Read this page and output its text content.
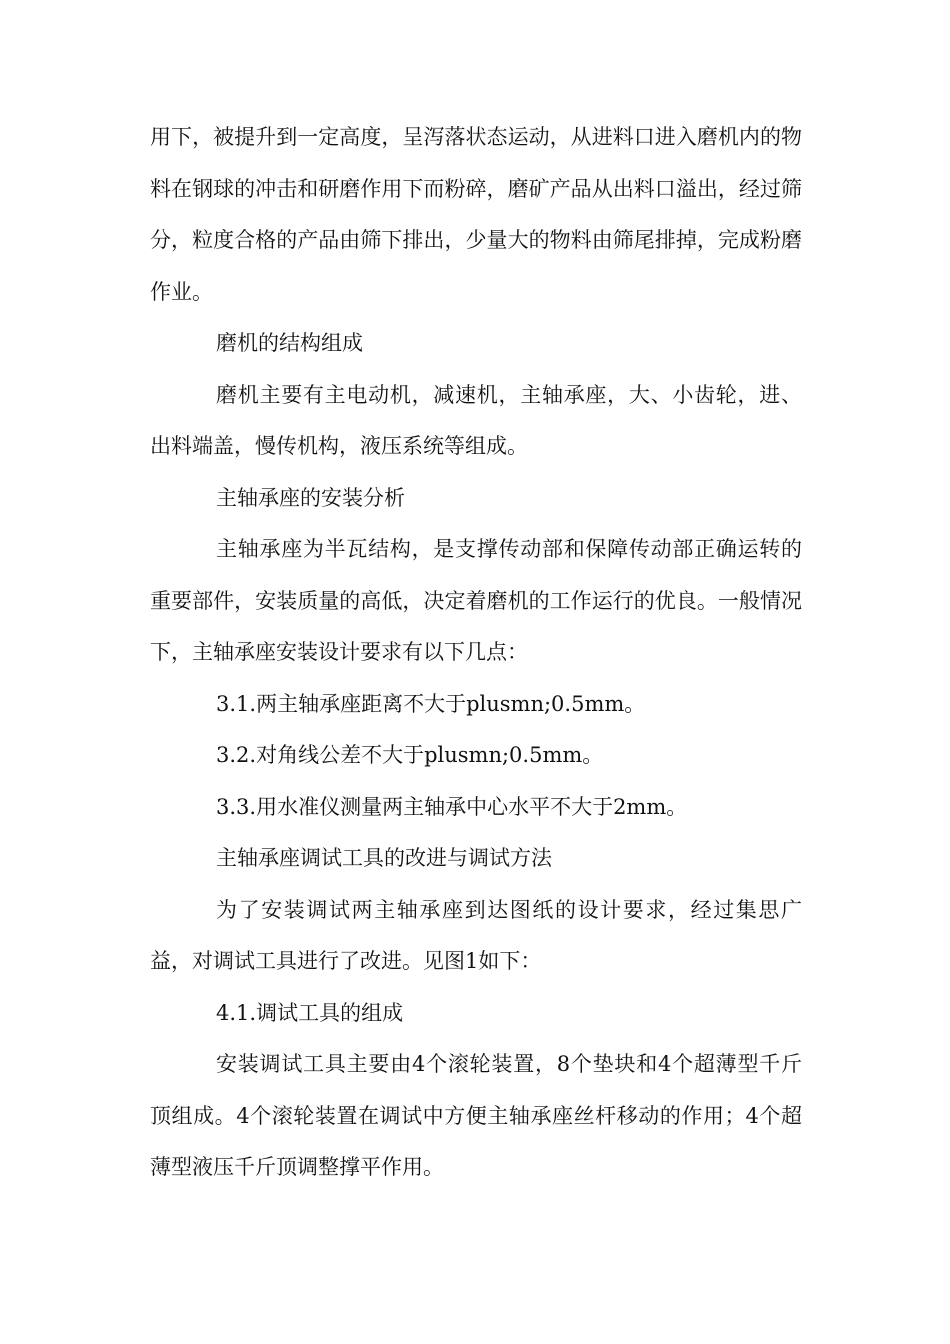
用下，被提升到一定高度，呈泻落状态运动，从进料口进入磨机内的物料在钢球的冲击和研磨作用下而粉碎，磨矿产品从出料口溢出，经过筛分，粒度合格的产品由筛下排出，少量大的物料由筛尾排掉，完成粉磨作业。

磨机的结构组成

磨机主要有主电动机，减速机，主轴承座，大、小齿轮，进、出料端盖，慢传机构，液压系统等组成。

主轴承座的安装分析

主轴承座为半瓦结构，是支撑传动部和保障传动部正确运转的重要部件，安装质量的高低，决定着磨机的工作运行的优良。一般情况下，主轴承座安装设计要求有以下几点：

3.1.两主轴承座距离不大于plusmn;0.5mm。

3.2.对角线公差不大于plusmn;0.5mm。

3.3.用水准仪测量两主轴承中心水平不大于2mm。

主轴承座调试工具的改进与调试方法

为了安装调试两主轴承座到达图纸的设计要求，经过集思广益，对调试工具进行了改进。见图1如下：

4.1.调试工具的组成

安装调试工具主要由4个滚轮装置，8个垫块和4个超薄型千斤顶组成。4个滚轮装置在调试中方便主轴承座丝杆移动的作用；4个超薄型液压千斤顶调整撑平作用。
